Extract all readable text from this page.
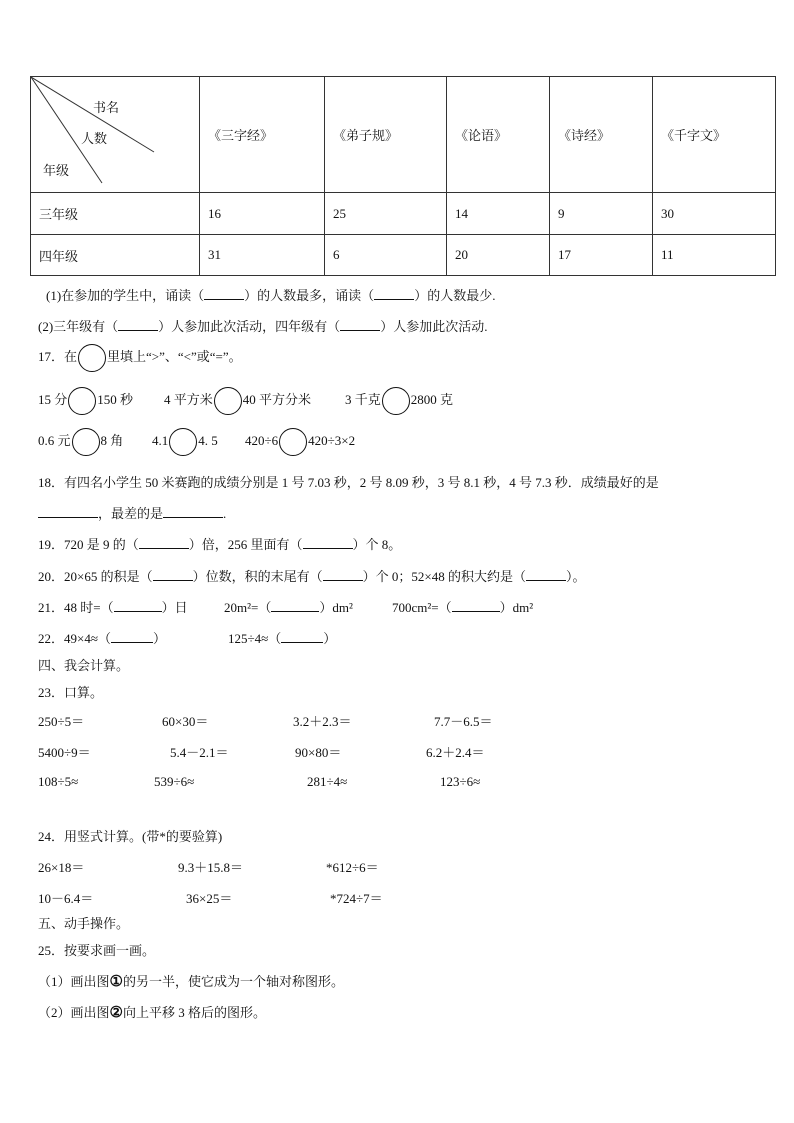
书名
人数
年级	《三字经》	《弟子规》	《论语》	《诗经》	《千字文》
三年级	16	25	14	9	30
四年级	31	6	20	17	11
(1)在参加的学生中，诵读（	）的人数最多，诵读（	）的人数最少.
(2)三年级有（	）人参加此次活动，四年级有（	）人参加此次活动.
17．在 里填上“>”、“<”或“=”。
15 分 150 秒 4 平方米 40 平方分米	3 千克 2800 克
0.6 元 8 角 4.1 4. 5 420÷6 420÷3×2
18．有四名小学生 50 米赛跑的成绩分别是 1 号 7.03 秒，2 号 8.09 秒，3 号 8.1 秒，4 号 7.3 秒．成绩最好的是
，最差的是	.
19．720 是 9 的（	）倍，256 里面有（	）个 8。
20．20×65 的积是（	）位数，积的末尾有（	）个 0；52×48 的积大约是（	）。
21．48 时=（	）日	20m²=（	）dm²	700cm²=（	）dm²
22．49×4≈（	）	125÷4≈（	）
四、我会计算。
23．口算。
250÷5＝	60×30＝	3.2＋2.3＝	7.7－6.5＝
5400÷9＝	5.4－2.1＝	90×80＝	6.2＋2.4＝
108÷5≈	539÷6≈	281÷4≈	123÷6≈
24．用竖式计算。(带*的要验算)
26×18＝	9.3＋15.8＝	*612÷6＝
10－6.4＝	36×25＝	*724÷7＝
五、动手操作。
25．按要求画一画。
（1）画出图①的另一半，使它成为一个轴对称图形。
（2）画出图②向上平移 3 格后的图形。
